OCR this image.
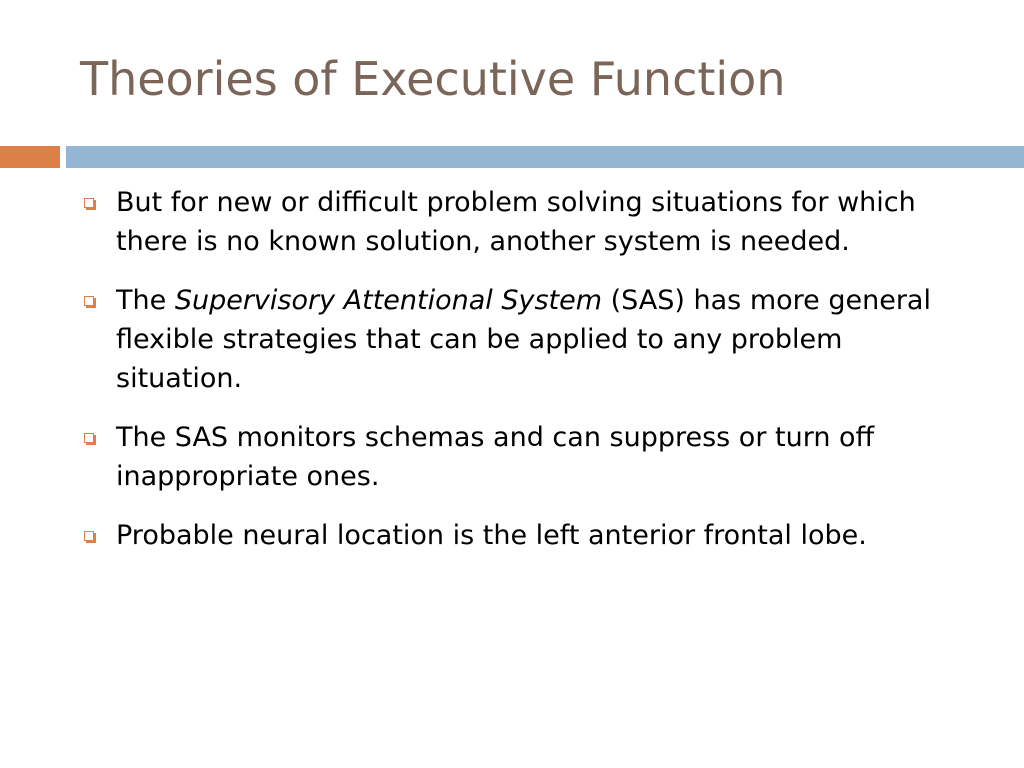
Theories of Executive Function
But for new or difficult problem solving situations for which there is no known solution, another system is needed.
The Supervisory Attentional System (SAS) has more general flexible strategies that can be applied to any problem situation.
The SAS monitors schemas and can suppress or turn off inappropriate ones.
Probable neural location is the left anterior frontal lobe.
